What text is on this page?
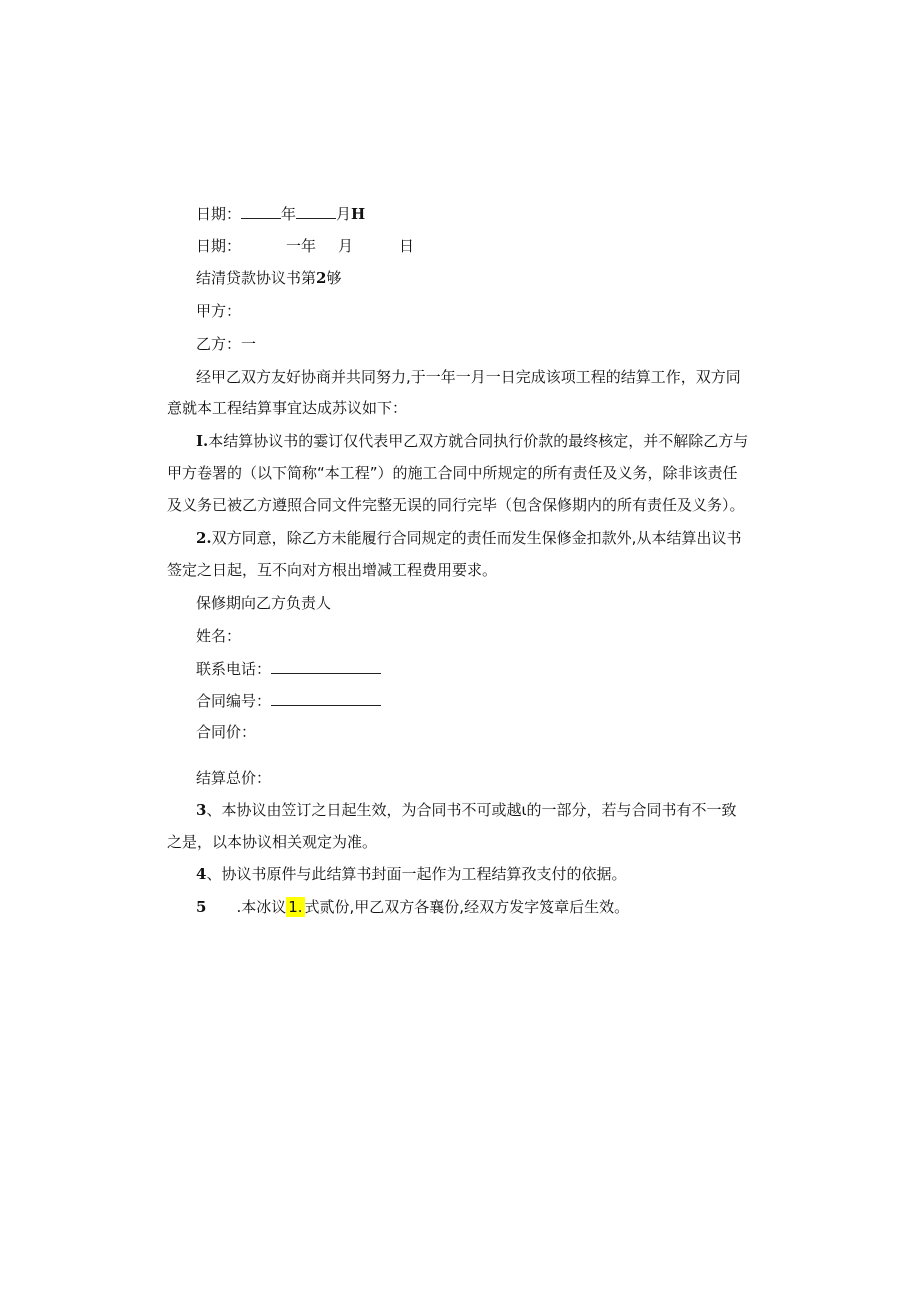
日期：	年	月H
日期：	一年 月	日
结清贷款协议书第2够
甲方：
乙方：一
经甲乙双方友好协商并共同努力,于一年一月一日完成该项工程的结算工作，双方同
意就本工程结算事宜达成苏议如下：
I.本结算协议书的霎订仅代表甲乙双方就合同执行价款的最终核定，并不解除乙方与
甲方卷署的（以下简称“本工程”）的施工合同中所规定的所有责任及义务，除非该责任
及义务已被乙方遵照合同文件完整无误的同行完毕（包含保修期内的所有责任及义务）。
2.双方同意，除乙方未能履行合同规定的责任而发生保修金扣款外,从本结算出议书
签定之日起，互不向对方根出增减工程费用要求。
保修期向乙方负责人
姓名：
联系电话：
合同编号：
合同价：
结算总价：
3、本协议由笠订之日起生效，为合同书不可或越ι的一部分，若与合同书有不一致
之是，以本协议相关观定为准。
4、协议书原件与此结算书封面一起作为工程结算孜支付的依据。
5 .本冰议 1. 式贰份,甲乙双方各襄份,经双方发字笈章后生效。
